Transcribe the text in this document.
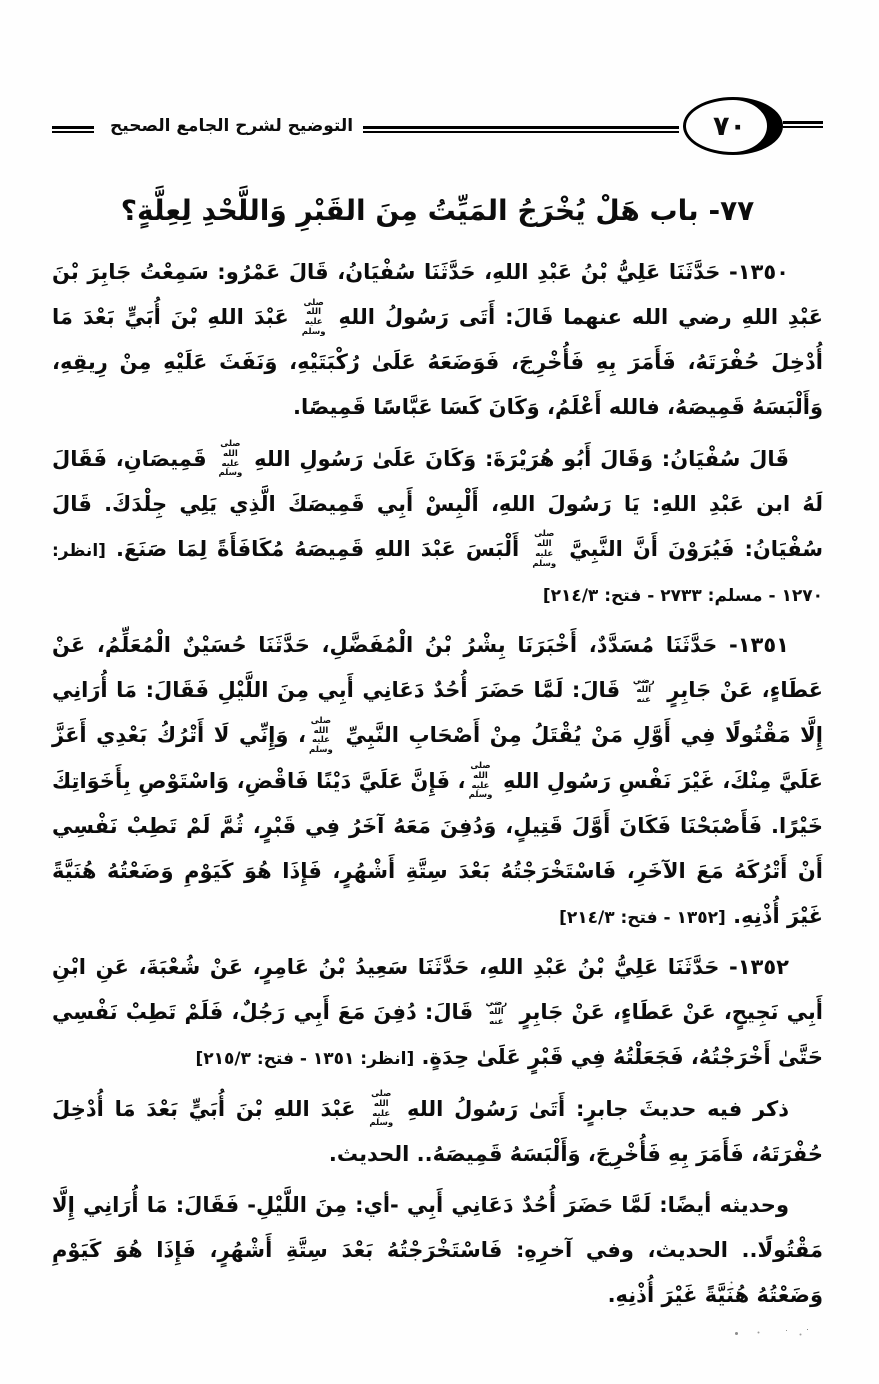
٧٠
التوضيح لشرح الجامع الصحيح
٧٧- باب هَلْ يُخْرَجُ المَيِّتُ مِنَ القَبْرِ وَاللَّحْدِ لِعِلَّةٍ؟

١٣٥٠- حَدَّثَنَا عَلِيُّ بْنُ عَبْدِ اللهِ، حَدَّثَنَا سُفْيَانُ، قَالَ عَمْرُو: سَمِعْتُ جَابِرَ بْنَ عَبْدِ اللهِ رضي الله عنهما قَالَ: أَتَى رَسُولُ اللهِ صلى الله عليه وسلم عَبْدَ اللهِ بْنَ أُبَيٍّ بَعْدَ مَا أُدْخِلَ حُفْرَتَهُ، فَأَمَرَ بِهِ فَأُخْرِجَ، فَوَضَعَهُ عَلَىٰ رُكْبَتَيْهِ، وَنَفَثَ عَلَيْهِ مِنْ رِيقِهِ، وَأَلْبَسَهُ قَمِيصَهُ، فالله أَعْلَمُ، وَكَانَ كَسَا عَبَّاسًا قَمِيصًا.

قَالَ سُفْيَانُ: وَقَالَ أَبُو هُرَيْرَةَ: وَكَانَ عَلَىٰ رَسُولِ اللهِ صلى الله عليه وسلم قَمِيصَانِ، فَقَالَ لَهُ ابن عَبْدِ اللهِ: يَا رَسُولَ اللهِ، أَلْبِسْ أَبِي قَمِيصَكَ الَّذِي يَلِي جِلْدَكَ. قَالَ سُفْيَانُ: فَيُرَوْنَ أَنَّ النَّبِيَّ صلى الله عليه وسلم أَلْبَسَ عَبْدَ اللهِ قَمِيصَهُ مُكَافَأَةً لِمَا صَنَعَ. [انظر: ١٢٧٠ - مسلم: ٢٧٣٣ - فتح: ٢١٤/٣]

١٣٥١- حَدَّثَنَا مُسَدَّدٌ، أَخْبَرَنَا بِشْرُ بْنُ الْمُفَضَّلِ، حَدَّثَنَا حُسَيْنٌ الْمُعَلِّمُ، عَنْ عَطَاءٍ، عَنْ جَابِرٍ رضي الله عنه قَالَ: لَمَّا حَضَرَ أُحُدٌ دَعَانِي أَبِي مِنَ اللَّيْلِ فَقَالَ: مَا أُرَانِي إِلَّا مَقْتُولًا فِي أَوَّلِ مَنْ يُقْتَلُ مِنْ أَصْحَابِ النَّبِيِّ صلى الله عليه وسلم، وَإِنِّي لَا أَتْرُكُ بَعْدِي أَعَزَّ عَلَيَّ مِنْكَ، غَيْرَ نَفْسِ رَسُولِ اللهِ صلى الله عليه وسلم، فَإِنَّ عَلَيَّ دَيْنًا فَاقْضِ، وَاسْتَوْصِ بِأَخَوَاتِكَ خَيْرًا. فَأَصْبَحْنَا فَكَانَ أَوَّلَ قَتِيلٍ، وَدُفِنَ مَعَهُ آخَرُ فِي قَبْرٍ، ثُمَّ لَمْ تَطِبْ نَفْسِي أَنْ أَتْرُكَهُ مَعَ الآخَرِ، فَاسْتَخْرَجْتُهُ بَعْدَ سِتَّةِ أَشْهُرٍ، فَإِذَا هُوَ كَيَوْمِ وَضَعْتُهُ هُنَيَّةً غَيْرَ أُذْنِهِ. [١٣٥٢ - فتح: ٢١٤/٣]

١٣٥٢- حَدَّثَنَا عَلِيُّ بْنُ عَبْدِ اللهِ، حَدَّثَنَا سَعِيدُ بْنُ عَامِرٍ، عَنْ شُعْبَةَ، عَنِ ابْنِ أَبِي نَجِيحٍ، عَنْ عَطَاءٍ، عَنْ جَابِرٍ رضي الله عنه قَالَ: دُفِنَ مَعَ أَبِي رَجُلٌ، فَلَمْ تَطِبْ نَفْسِي حَتَّىٰ أَخْرَجْتُهُ، فَجَعَلْتُهُ فِي قَبْرٍ عَلَىٰ حِدَةٍ. [انظر: ١٣٥١ - فتح: ٢١٥/٣]

ذكر فيه حديثَ جابرٍ: أَتَىٰ رَسُولُ اللهِ صلى الله عليه وسلم عَبْدَ اللهِ بْنَ أُبَيٍّ بَعْدَ مَا أُدْخِلَ حُفْرَتَهُ، فَأَمَرَ بِهِ فَأُخْرِجَ، وَأَلْبَسَهُ قَمِيصَهُ.. الحديث.

وحديثه أيضًا: لَمَّا حَضَرَ أُحُدٌ دَعَانِي أَبِي -أي: مِنَ اللَّيْلِ- فَقَالَ: مَا أُرَانِي إِلَّا مَقْتُولًا.. الحديث، وفي آخرِهِ: فَاسْتَخْرَجْتُهُ بَعْدَ سِتَّةِ أَشْهُرٍ، فَإِذَا هُوَ كَيَوْمِ وَضَعْتُهُ هُنَيَّةً غَيْرَ أُذْنِهِ.
